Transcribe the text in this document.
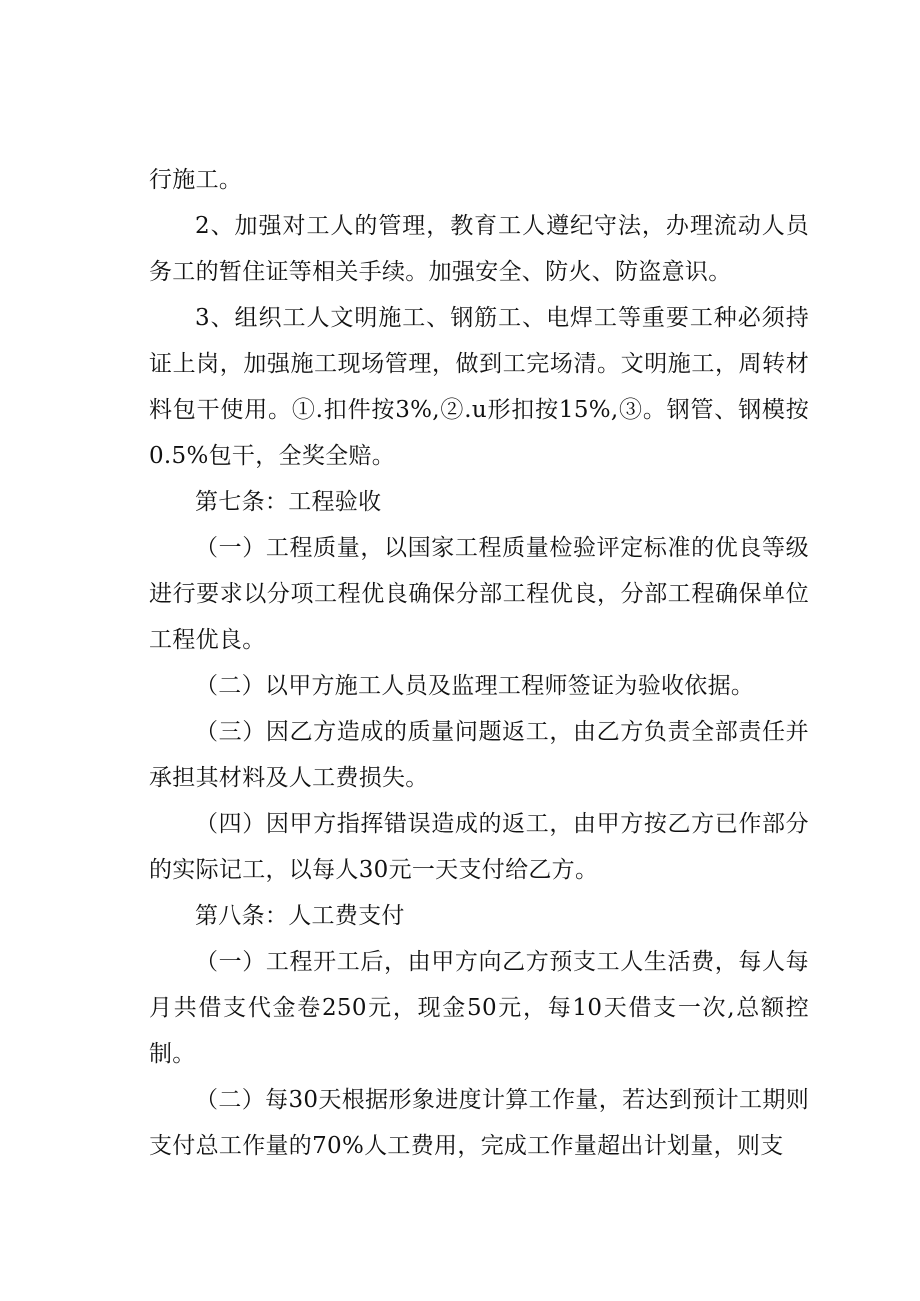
行施工。

2、加强对工人的管理，教育工人遵纪守法，办理流动人员务工的暂住证等相关手续。加强安全、防火、防盗意识。

3、组织工人文明施工、钢筋工、电焊工等重要工种必须持证上岗，加强施工现场管理，做到工完场清。文明施工，周转材料包干使用。①.扣件按3%,②.u形扣按15%,③。钢管、钢模按0.5%包干，全奖全赔。

第七条：工程验收

（一）工程质量，以国家工程质量检验评定标准的优良等级进行要求以分项工程优良确保分部工程优良，分部工程确保单位工程优良。

（二）以甲方施工人员及监理工程师签证为验收依据。

（三）因乙方造成的质量问题返工，由乙方负责全部责任并承担其材料及人工费损失。

（四）因甲方指挥错误造成的返工，由甲方按乙方已作部分的实际记工，以每人30元一天支付给乙方。

第八条：人工费支付

（一）工程开工后，由甲方向乙方预支工人生活费，每人每月共借支代金卷250元，现金50元，每10天借支一次,总额控制。

（二）每30天根据形象进度计算工作量，若达到预计工期则支付总工作量的70%人工费用，完成工作量超出计划量，则支
